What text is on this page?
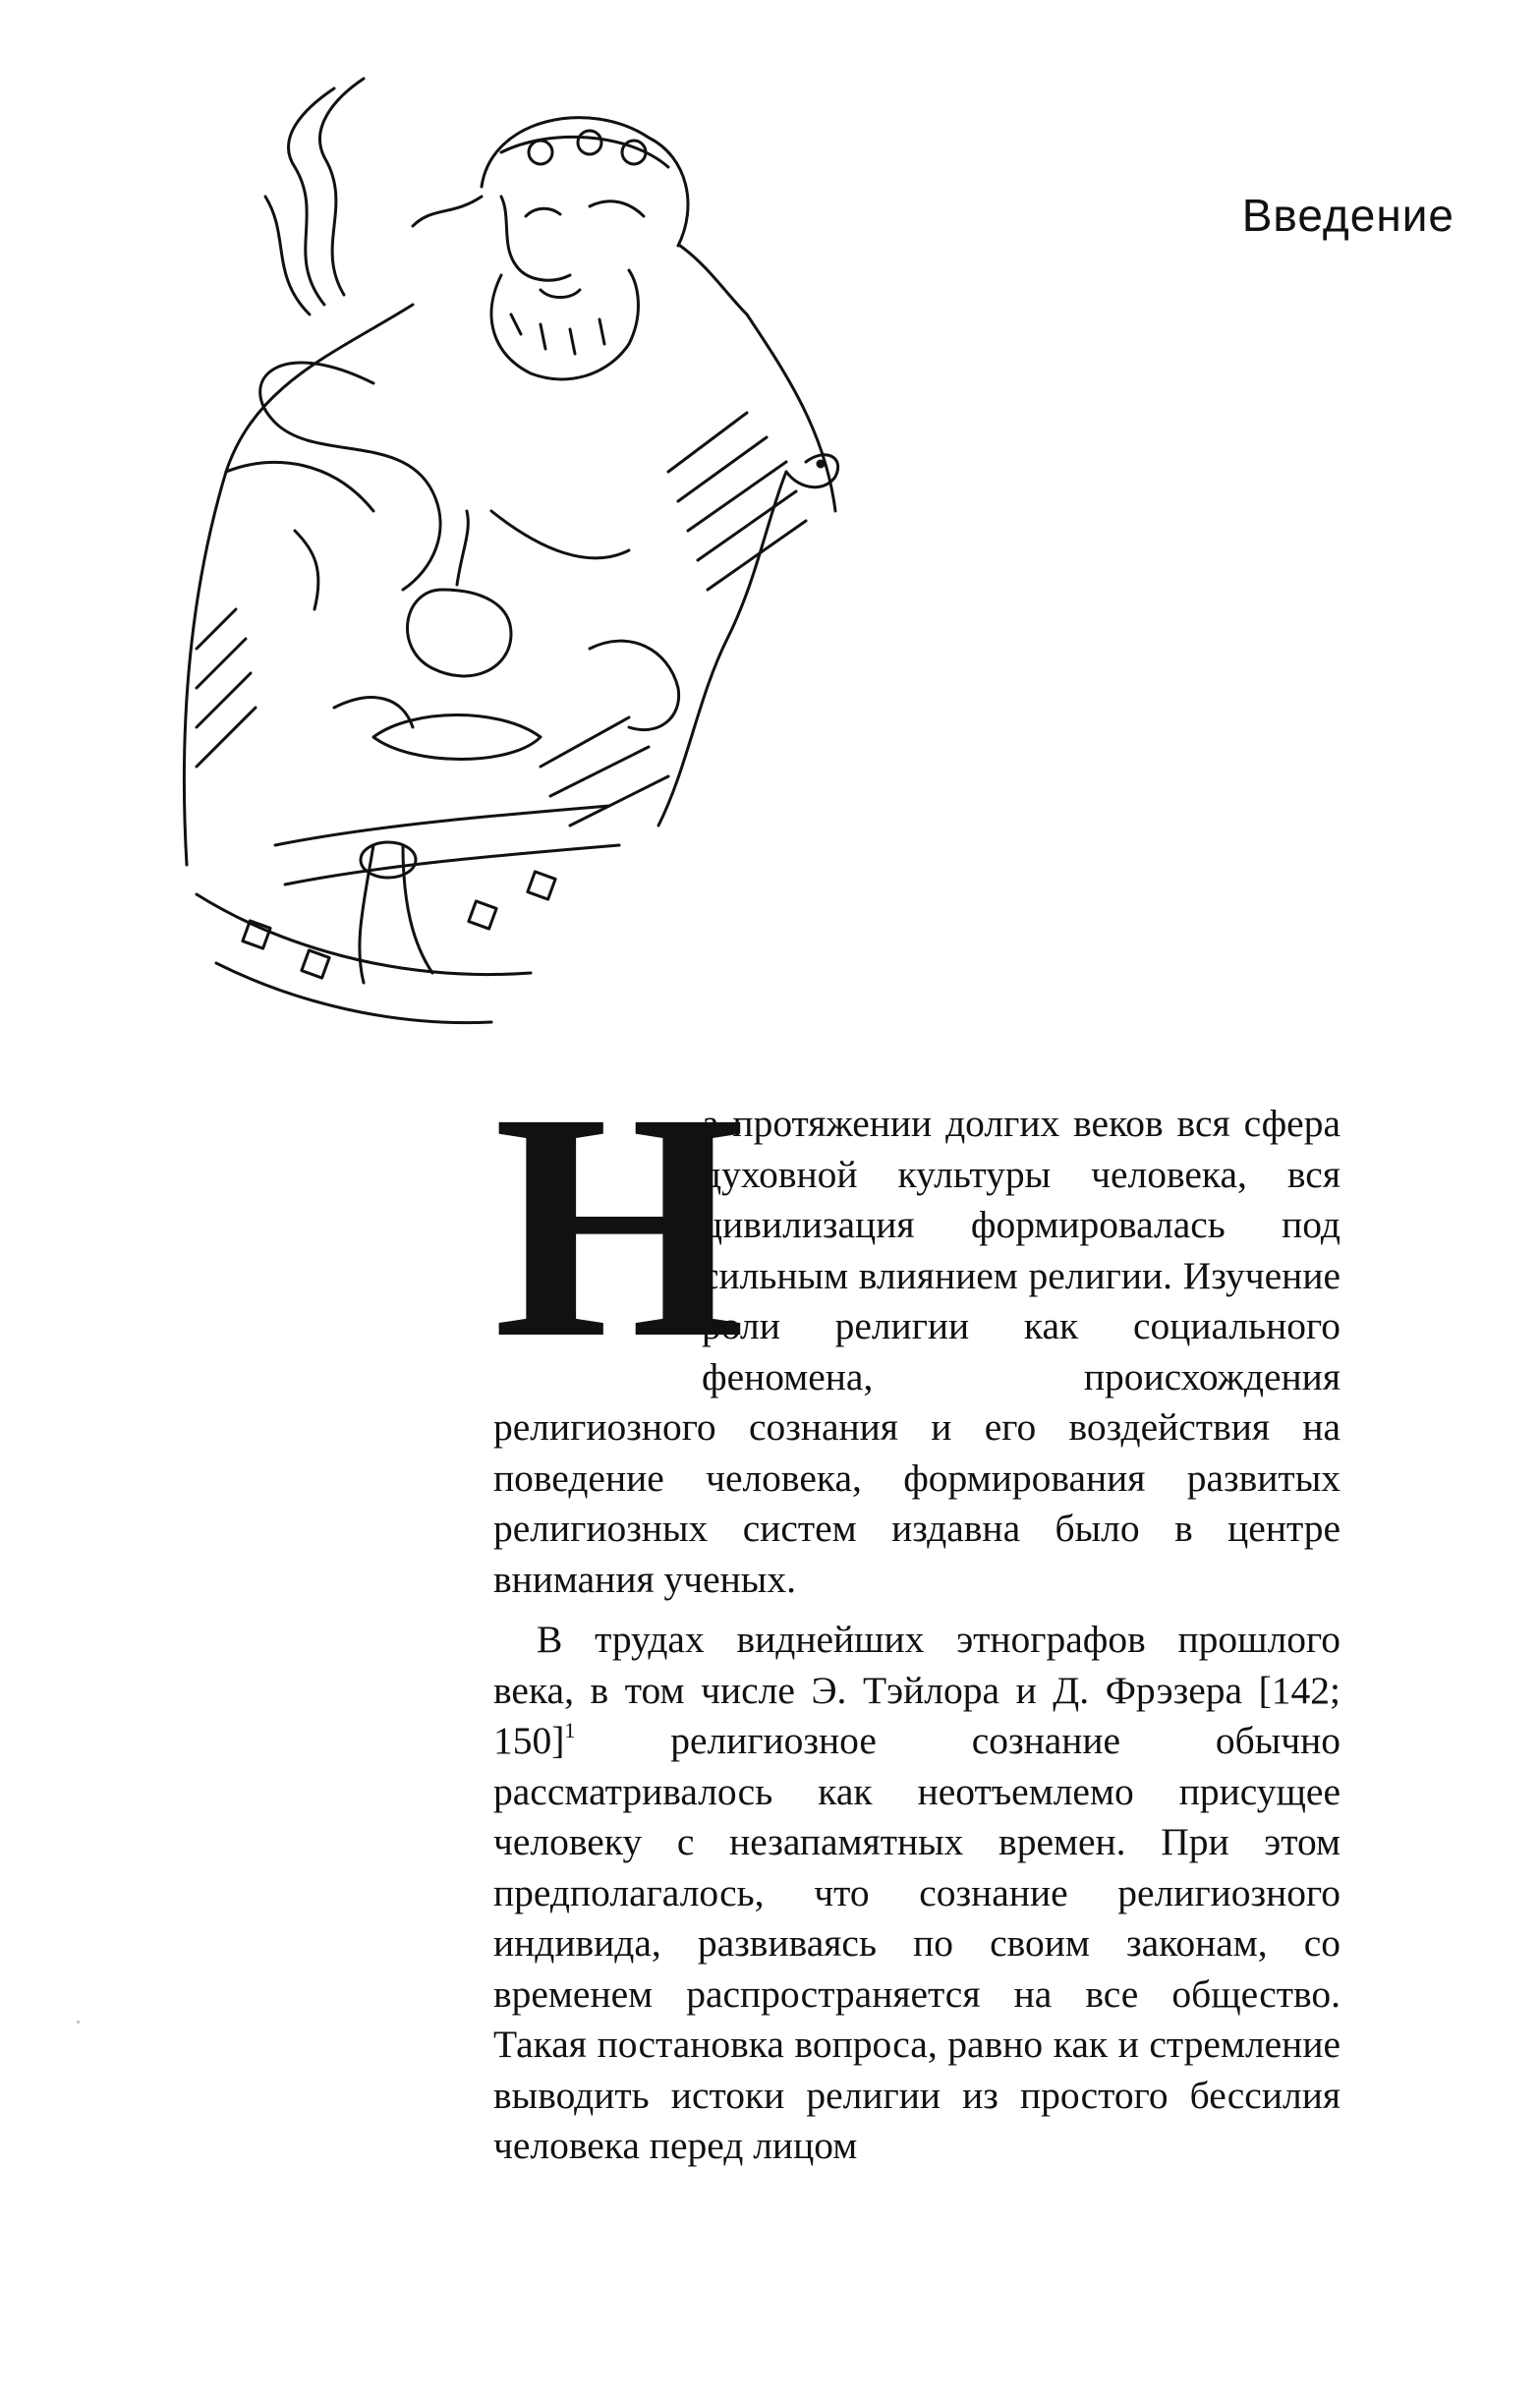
Введение
Н

а протяжении долгих веков вся сфера духовной культуры человека, вся цивилизация формировалась под сильным влиянием религии. Изучение роли религии как социального феномена, происхождения религиозного сознания и его воздействия на поведение человека, формирования развитых религиозных систем издавна было в центре внимания ученых.

В трудах виднейших этнографов прошлого века, в том числе Э. Тэйлора и Д. Фрэзера [142; 150]$^1$ религиозное сознание обычно рассматривалось как неотъемлемо присущее человеку с незапамятных времен. При этом предполагалось, что сознание религиозного индивида, развиваясь по своим законам, со временем распространяется на все общество. Такая постановка вопроса, равно как и стремление выводить истоки религии из простого бессилия человека перед лицом
